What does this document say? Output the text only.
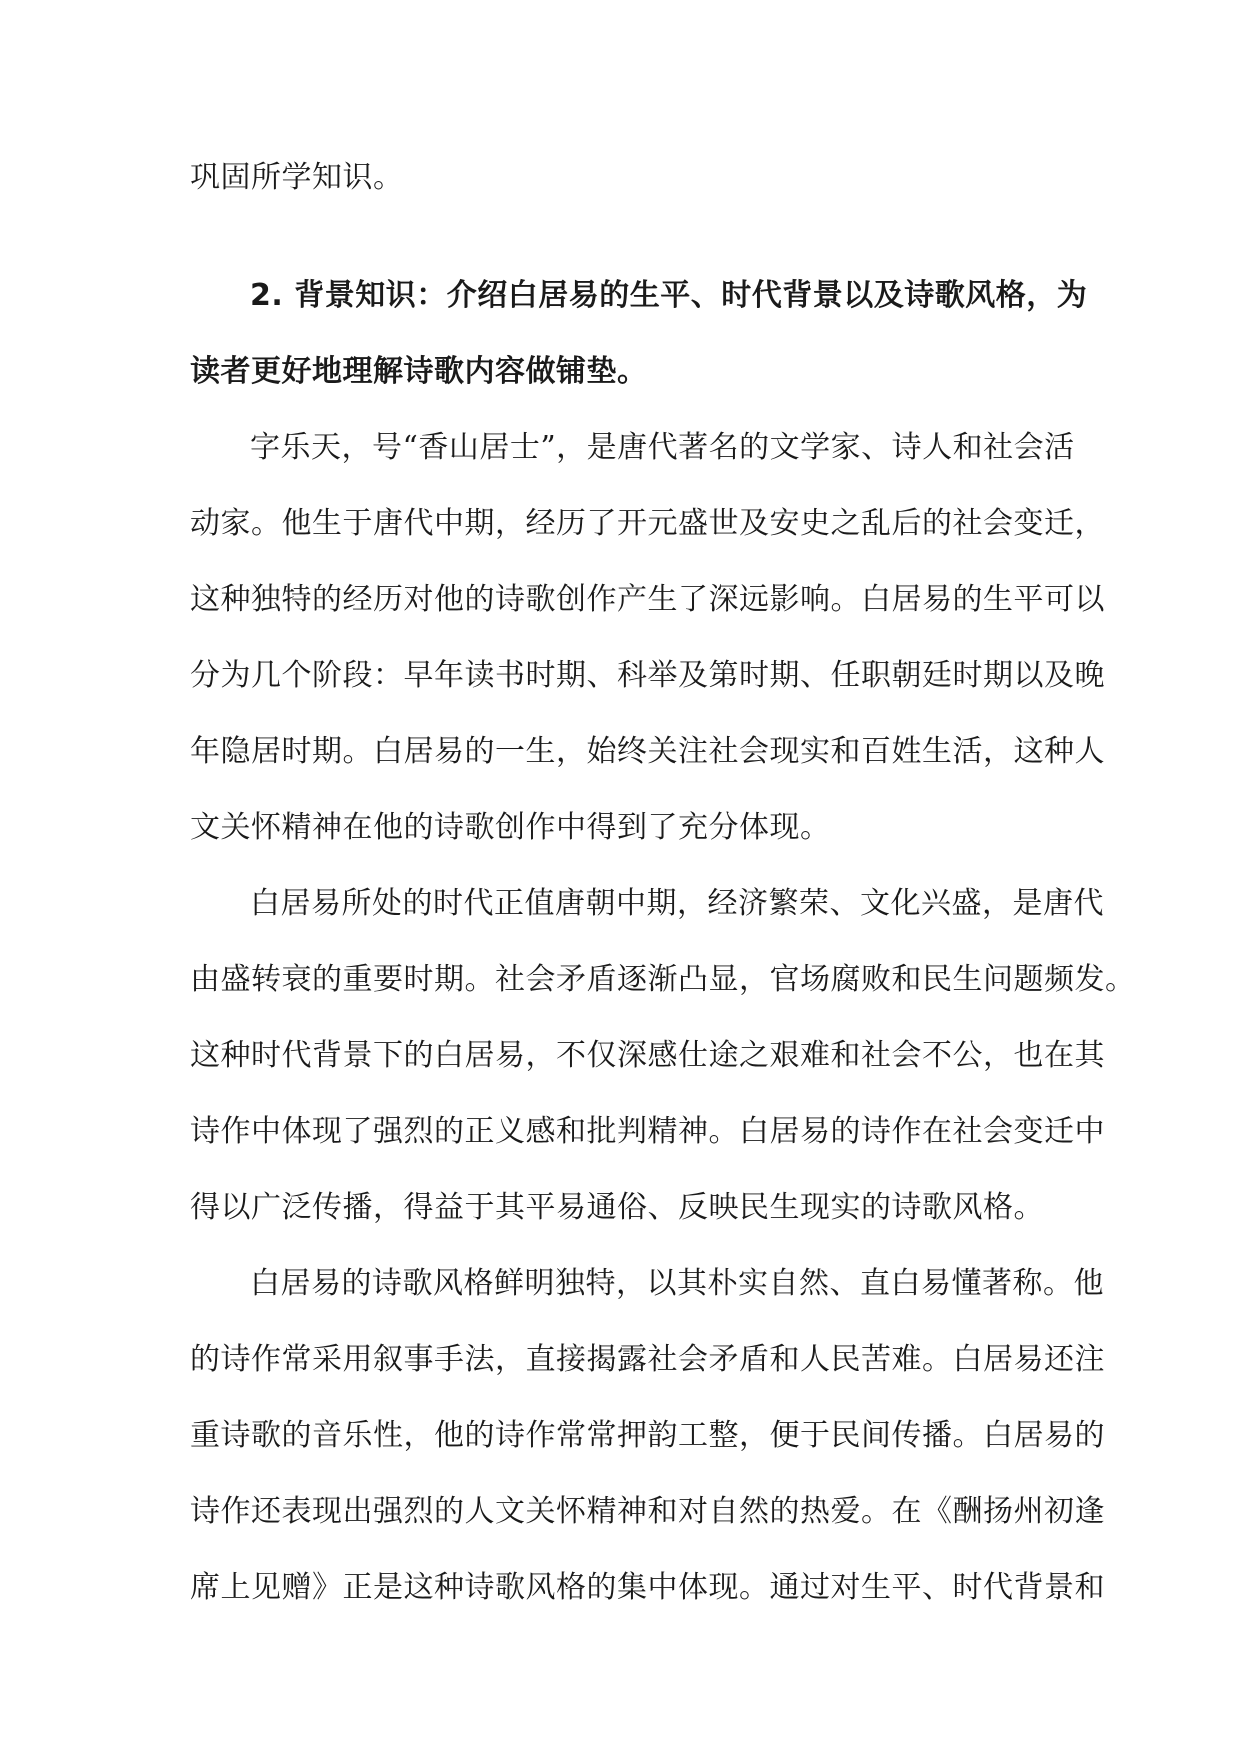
巩固所学知识。
2. 背景知识：介绍白居易的生平、时代背景以及诗歌风格，为
读者更好地理解诗歌内容做铺垫。
字乐天，号“香山居士”，是唐代著名的文学家、诗人和社会活
动家。他生于唐代中期，经历了开元盛世及安史之乱后的社会变迁，
这种独特的经历对他的诗歌创作产生了深远影响。白居易的生平可以
分为几个阶段：早年读书时期、科举及第时期、任职朝廷时期以及晚
年隐居时期。白居易的一生，始终关注社会现实和百姓生活，这种人
文关怀精神在他的诗歌创作中得到了充分体现。
白居易所处的时代正值唐朝中期，经济繁荣、文化兴盛，是唐代
由盛转衰的重要时期。社会矛盾逐渐凸显，官场腐败和民生问题频发。
这种时代背景下的白居易，不仅深感仕途之艰难和社会不公，也在其
诗作中体现了强烈的正义感和批判精神。白居易的诗作在社会变迁中
得以广泛传播，得益于其平易通俗、反映民生现实的诗歌风格。
白居易的诗歌风格鲜明独特，以其朴实自然、直白易懂著称。他
的诗作常采用叙事手法，直接揭露社会矛盾和人民苦难。白居易还注
重诗歌的音乐性，他的诗作常常押韵工整，便于民间传播。白居易的
诗作还表现出强烈的人文关怀精神和对自然的热爱。在《酬扬州初逢
席上见赠》正是这种诗歌风格的集中体现。通过对生平、时代背景和
